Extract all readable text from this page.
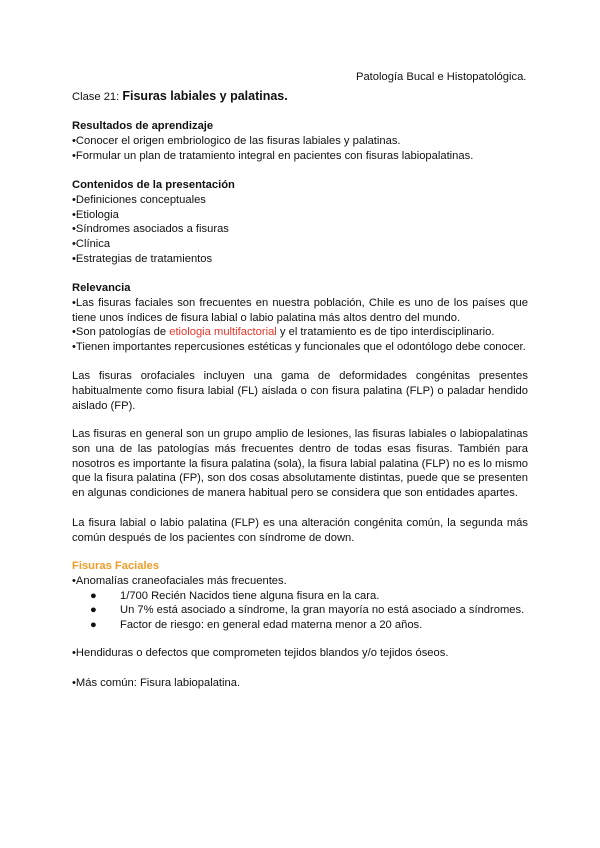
Patología Bucal e Histopatológica.
Clase 21: Fisuras labiales y palatinas.
Resultados de aprendizaje
•Conocer el origen embriologico de las fisuras labiales y palatinas.
•Formular un plan de tratamiento integral en pacientes con fisuras labiopalatinas.
Contenidos de la presentación
•Definiciones conceptuales
•Etiologia
•Síndromes asociados a fisuras
•Clínica
•Estrategias de tratamientos
Relevancia
•Las fisuras faciales son frecuentes en nuestra población, Chile es uno de los países que tiene unos índices de fisura labial o labio palatina más altos dentro del mundo.
•Son patologías de etiologia multifactorial y el tratamiento es de tipo interdisciplinario.
•Tienen importantes repercusiones estéticas y funcionales que el odontólogo debe conocer.
Las fisuras orofaciales incluyen una gama de deformidades congénitas presentes habitualmente como fisura labial (FL) aislada o con fisura palatina (FLP) o paladar hendido aislado (FP).
Las fisuras en general son un grupo amplio de lesiones, las fisuras labiales o labiopalatinas son una de las patologías más frecuentes dentro de todas esas fisuras. También para nosotros es importante la fisura palatina (sola), la fisura labial palatina (FLP) no es lo mismo que la fisura palatina (FP), son dos cosas absolutamente distintas, puede que se presenten en algunas condiciones de manera habitual pero se considera que son entidades apartes.
La fisura labial o labio palatina (FLP) es una alteración congénita común, la segunda más común después de los pacientes con síndrome de down.
Fisuras Faciales
•Anomalías craneofaciales más frecuentes.
● 1/700 Recién Nacidos tiene alguna fisura en la cara.
● Un 7% está asociado a síndrome, la gran mayoría no está asociado a síndromes.
● Factor de riesgo: en general edad materna menor a 20 años.
•Hendiduras o defectos que comprometen tejidos blandos y/o tejidos óseos.
•Más común: Fisura labiopalatina.
